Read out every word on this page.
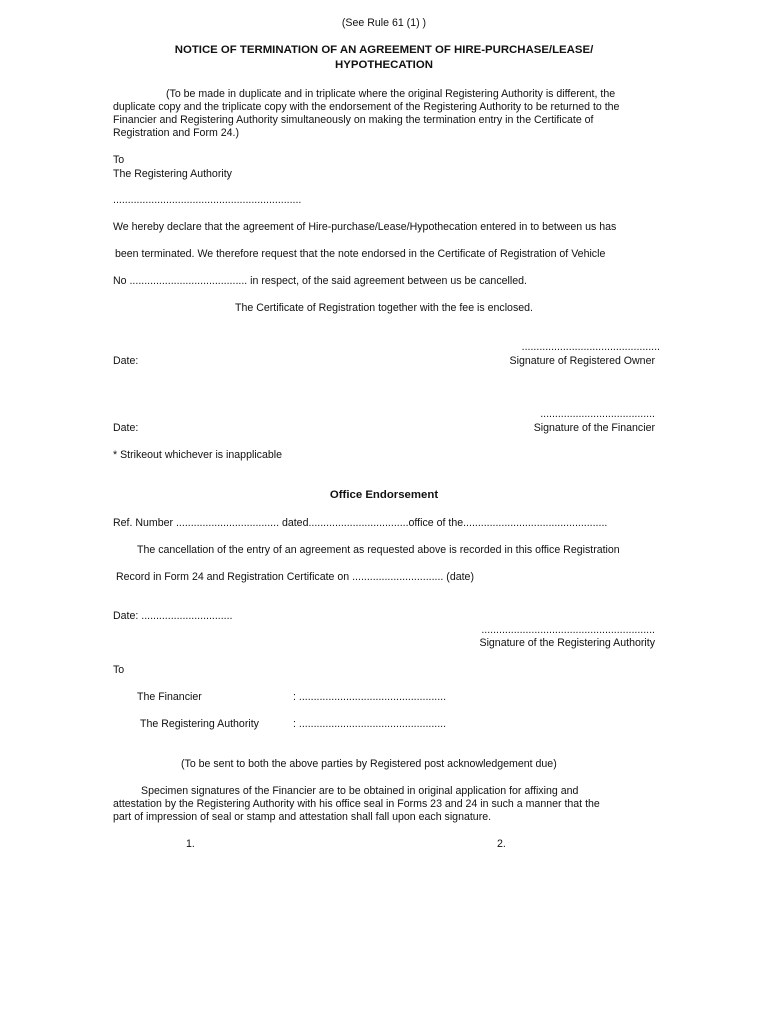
(See Rule 61 (1) )
NOTICE OF TERMINATION OF AN AGREEMENT OF HIRE-PURCHASE/LEASE/
HYPOTHECATION
(To be made in duplicate and in triplicate where the original Registering Authority is different, the
duplicate copy and the triplicate copy with the endorsement of the Registering Authority to be returned to the
Financier and Registering Authority simultaneously on making the termination entry in the Certificate of
Registration and Form 24.)
To
The Registering Authority
................................................................
We hereby declare that the agreement of Hire-purchase/Lease/Hypothecation entered in to between us has
been terminated. We therefore request that the note endorsed in the Certificate of Registration of Vehicle
No ........................................ in respect, of the said agreement between us be cancelled.
The Certificate of Registration together with the fee is enclosed.
...............................................
Date:	Signature of Registered Owner
.......................................
Date:	Signature of the Financier
* Strikeout whichever is inapplicable
Office Endorsement
Ref. Number ................................... dated..................................office of the.................................................
The cancellation of the entry of an agreement as requested above is recorded in this office Registration
Record in Form 24 and Registration Certificate on ............................... (date)
Date: ...............................
...........................................................
Signature of the Registering Authority
To
The Financier	: ..................................................
The Registering Authority	: ..................................................
(To be sent to both the above parties by Registered post acknowledgement due)
Specimen signatures of the Financier are to be obtained in original application for affixing and
attestation by the Registering Authority with his office seal in Forms 23 and 24 in such a manner that the
part of impression of seal or stamp and attestation shall fall upon each signature.
1.	2.
